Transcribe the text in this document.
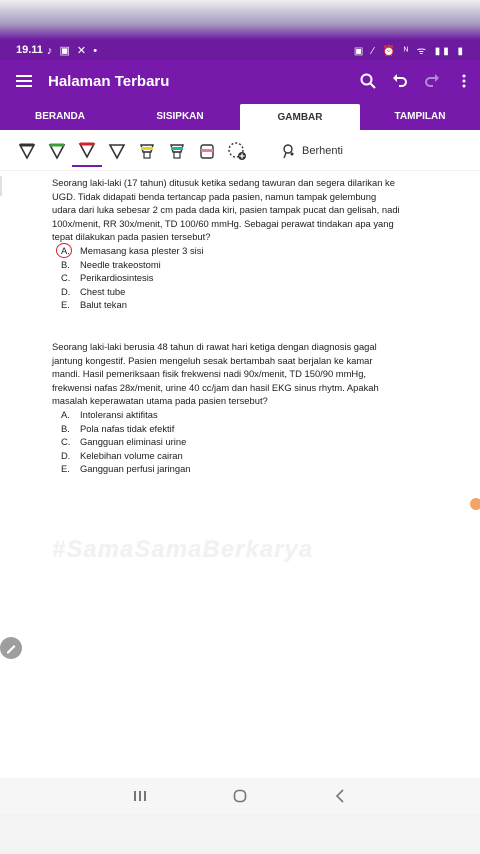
19.11 ♪ ▣ ✕ •	▣ ⁄ ⏰ ᴺ ᯤ ▮▮ ▮
Halaman Terbaru
BERANDA	SISIPKAN	GAMBAR	TAMPILAN
Berhenti

Seorang laki-laki (17 tahun) ditusuk ketika sedang tawuran dan segera dilarikan ke

UGD. Tidak didapati benda tertancap pada pasien, namun tampak gelembung

udara dari luka sebesar 2 cm pada dada kiri, pasien tampak pucat dan gelisah, nadi

100x/menit, RR 30x/menit, TD 100/60 mmHg. Sebagai perawat tindakan apa yang

tepat dilakukan pada pasien tersebut?

A.	Memasang kasa plester 3 sisi
B.	Needle trakeostomi
C.	Perikardiosintesis
D.	Chest tube
E.	Balut tekan

Seorang laki-laki berusia 48 tahun di rawat hari ketiga dengan diagnosis gagal

jantung kongestif. Pasien mengeluh sesak bertambah saat berjalan ke kamar

mandi. Hasil pemeriksaan fisik frekwensi nadi 90x/menit, TD 150/90 mmHg,

frekwensi nafas 28x/menit, urine 40 cc/jam dan hasil EKG sinus rhytm. Apakah

masalah keperawatan utama pada pasien tersebut?

A.	Intoleransi aktifitas
B.	Pola nafas tidak efektif
C.	Gangguan eliminasi urine
D.	Kelebihan volume cairan
E.	Gangguan perfusi jaringan
#SamaSamaBerkarya
